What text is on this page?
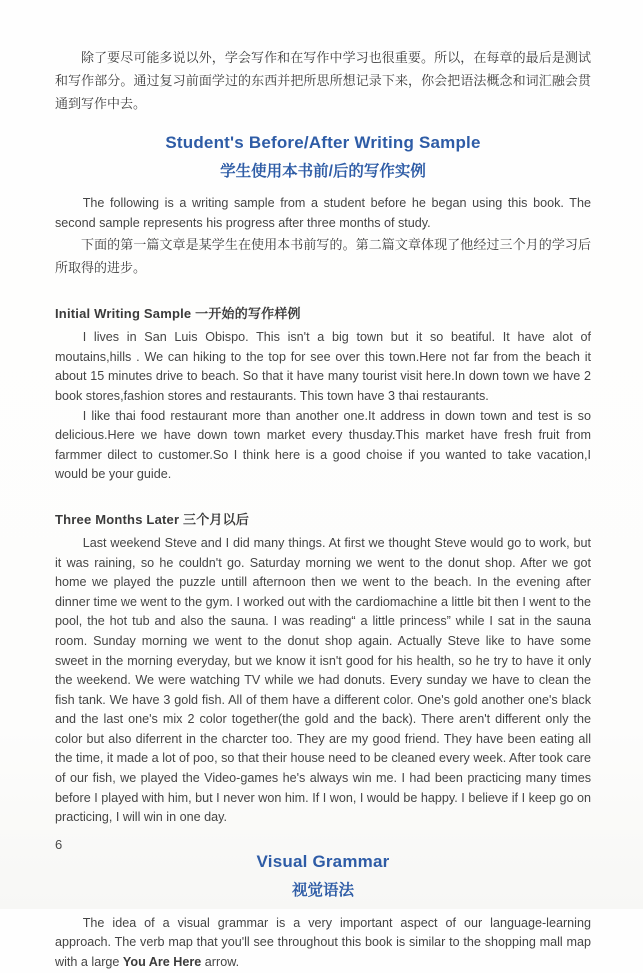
除了要尽可能多说以外，学会写作和在写作中学习也很重要。所以，在每章的最后是测试和写作部分。通过复习前面学过的东西并把所思所想记录下来，你会把语法概念和词汇融会贯通到写作中去。

Student's Before/After Writing Sample
学生使用本书前/后的写作实例

The following is a writing sample from a student before he began using this book. The second sample represents his progress after three months of study.

下面的第一篇文章是某学生在使用本书前写的。第二篇文章体现了他经过三个月的学习后所取得的进步。

Initial Writing Sample 一开始的写作样例

I lives in San Luis Obispo. This isn't a big town but it so beatiful. It have alot of moutains,hills . We can hiking to the top for see over this town.Here not far from the beach it about 15 minutes drive to beach. So that it have many tourist visit here.In down town we have 2 book stores,fashion stores and restaurants. This town have 3 thai restaurants.

I like thai food restaurant more than another one.It address in down town and test is so delicious.Here we have down town market every thusday.This market have fresh fruit from farmmer dilect to customer.So I think here is a good choise if you wanted to take vacation,I would be your guide.

Three Months Later 三个月以后

Last weekend Steve and I did many things. At first we thought Steve would go to work, but it was raining, so he couldn't go. Saturday morning we went to the donut shop. After we got home we played the puzzle untill afternoon then we went to the beach. In the evening after dinner time we went to the gym. I worked out with the cardiomachine a little bit then I went to the pool, the hot tub and also the sauna. I was reading“ a little princess” while I sat in the sauna room. Sunday morning we went to the donut shop again. Actually Steve like to have some sweet in the morning everyday, but we know it isn't good for his health, so he try to have it only the weekend. We were watching TV while we had donuts. Every sunday we have to clean the fish tank. We have 3 gold fish. All of them have a different color. One's gold another one's black and the last one's mix 2 color together(the gold and the back). There aren't different only the color but also diferrent in the charcter too. They are my good friend. They have been eating all the time, it made a lot of poo, so that their house need to be cleaned every week. After took care of our fish, we played the Video-games he's always win me. I had been practicing many times before I played with him, but I never won him. If I won, I would be happy. I believe if I keep go on practicing, I will win in one day.

Visual Grammar
视觉语法

The idea of a visual grammar is a very important aspect of our language-learning approach. The verb map that you'll see throughout this book is similar to the shopping mall map with a large You Are Here arrow.

6
